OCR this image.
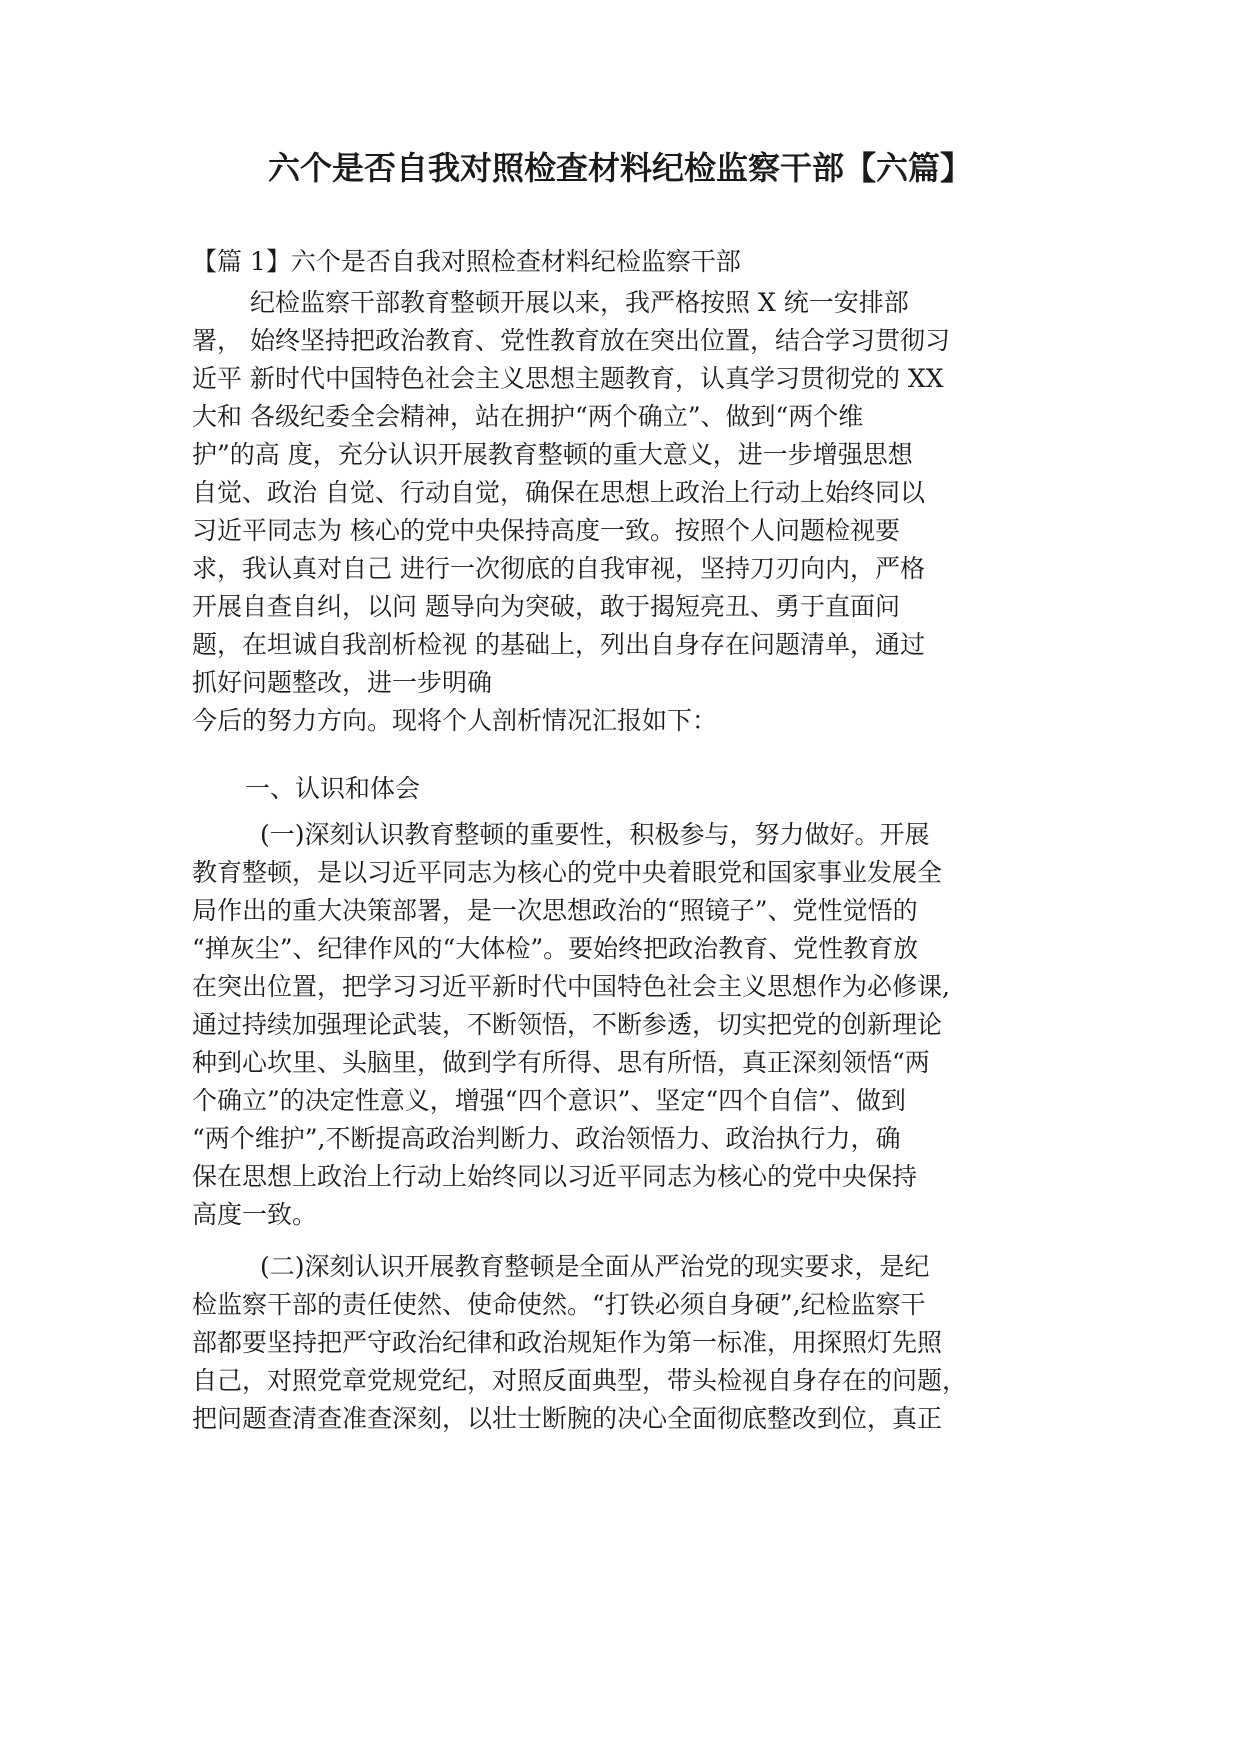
六个是否自我对照检查材料纪检监察干部【六篇】

【篇 1】六个是否自我对照检查材料纪检监察干部

纪检监察干部教育整顿开展以来，我严格按照 X 统一安排部
署， 始终坚持把政治教育、党性教育放在突出位置，结合学习贯彻习
近平 新时代中国特色社会主义思想主题教育，认真学习贯彻党的 XX
大和 各级纪委全会精神，站在拥护“两个确立”、做到“两个维
护”的高 度，充分认识开展教育整顿的重大意义，进一步增强思想
自觉、政治 自觉、行动自觉，确保在思想上政治上行动上始终同以
习近平同志为 核心的党中央保持高度一致。按照个人问题检视要
求，我认真对自己 进行一次彻底的自我审视，坚持刀刃向内，严格
开展自查自纠，以问 题导向为突破，敢于揭短亮丑、勇于直面问
题，在坦诚自我剖析检视 的基础上，列出自身存在问题清单，通过
抓好问题整改，进一步明确
今后的努力方向。现将个人剖析情况汇报如下：

一、认识和体会

(一)深刻认识教育整顿的重要性，积极参与，努力做好。开展
教育整顿，是以习近平同志为核心的党中央着眼党和国家事业发展全
局作出的重大决策部署，是一次思想政治的“照镜子”、党性觉悟的
“掸灰尘”、纪律作风的“大体检”。要始终把政治教育、党性教育放
在突出位置，把学习习近平新时代中国特色社会主义思想作为必修课,
通过持续加强理论武装，不断领悟，不断参透，切实把党的创新理论
种到心坎里、头脑里，做到学有所得、思有所悟，真正深刻领悟“两
个确立”的决定性意义，增强“四个意识”、坚定“四个自信”、做到
“两个维护”,不断提高政治判断力、政治领悟力、政治执行力，确
保在思想上政治上行动上始终同以习近平同志为核心的党中央保持
高度一致。
(二)深刻认识开展教育整顿是全面从严治党的现实要求，是纪
检监察干部的责任使然、使命使然。“打铁必须自身硬”,纪检监察干
部都要坚持把严守政治纪律和政治规矩作为第一标准，用探照灯先照
自己，对照党章党规党纪，对照反面典型，带头检视自身存在的问题，
把问题查清查准查深刻，以壮士断腕的决心全面彻底整改到位，真正
